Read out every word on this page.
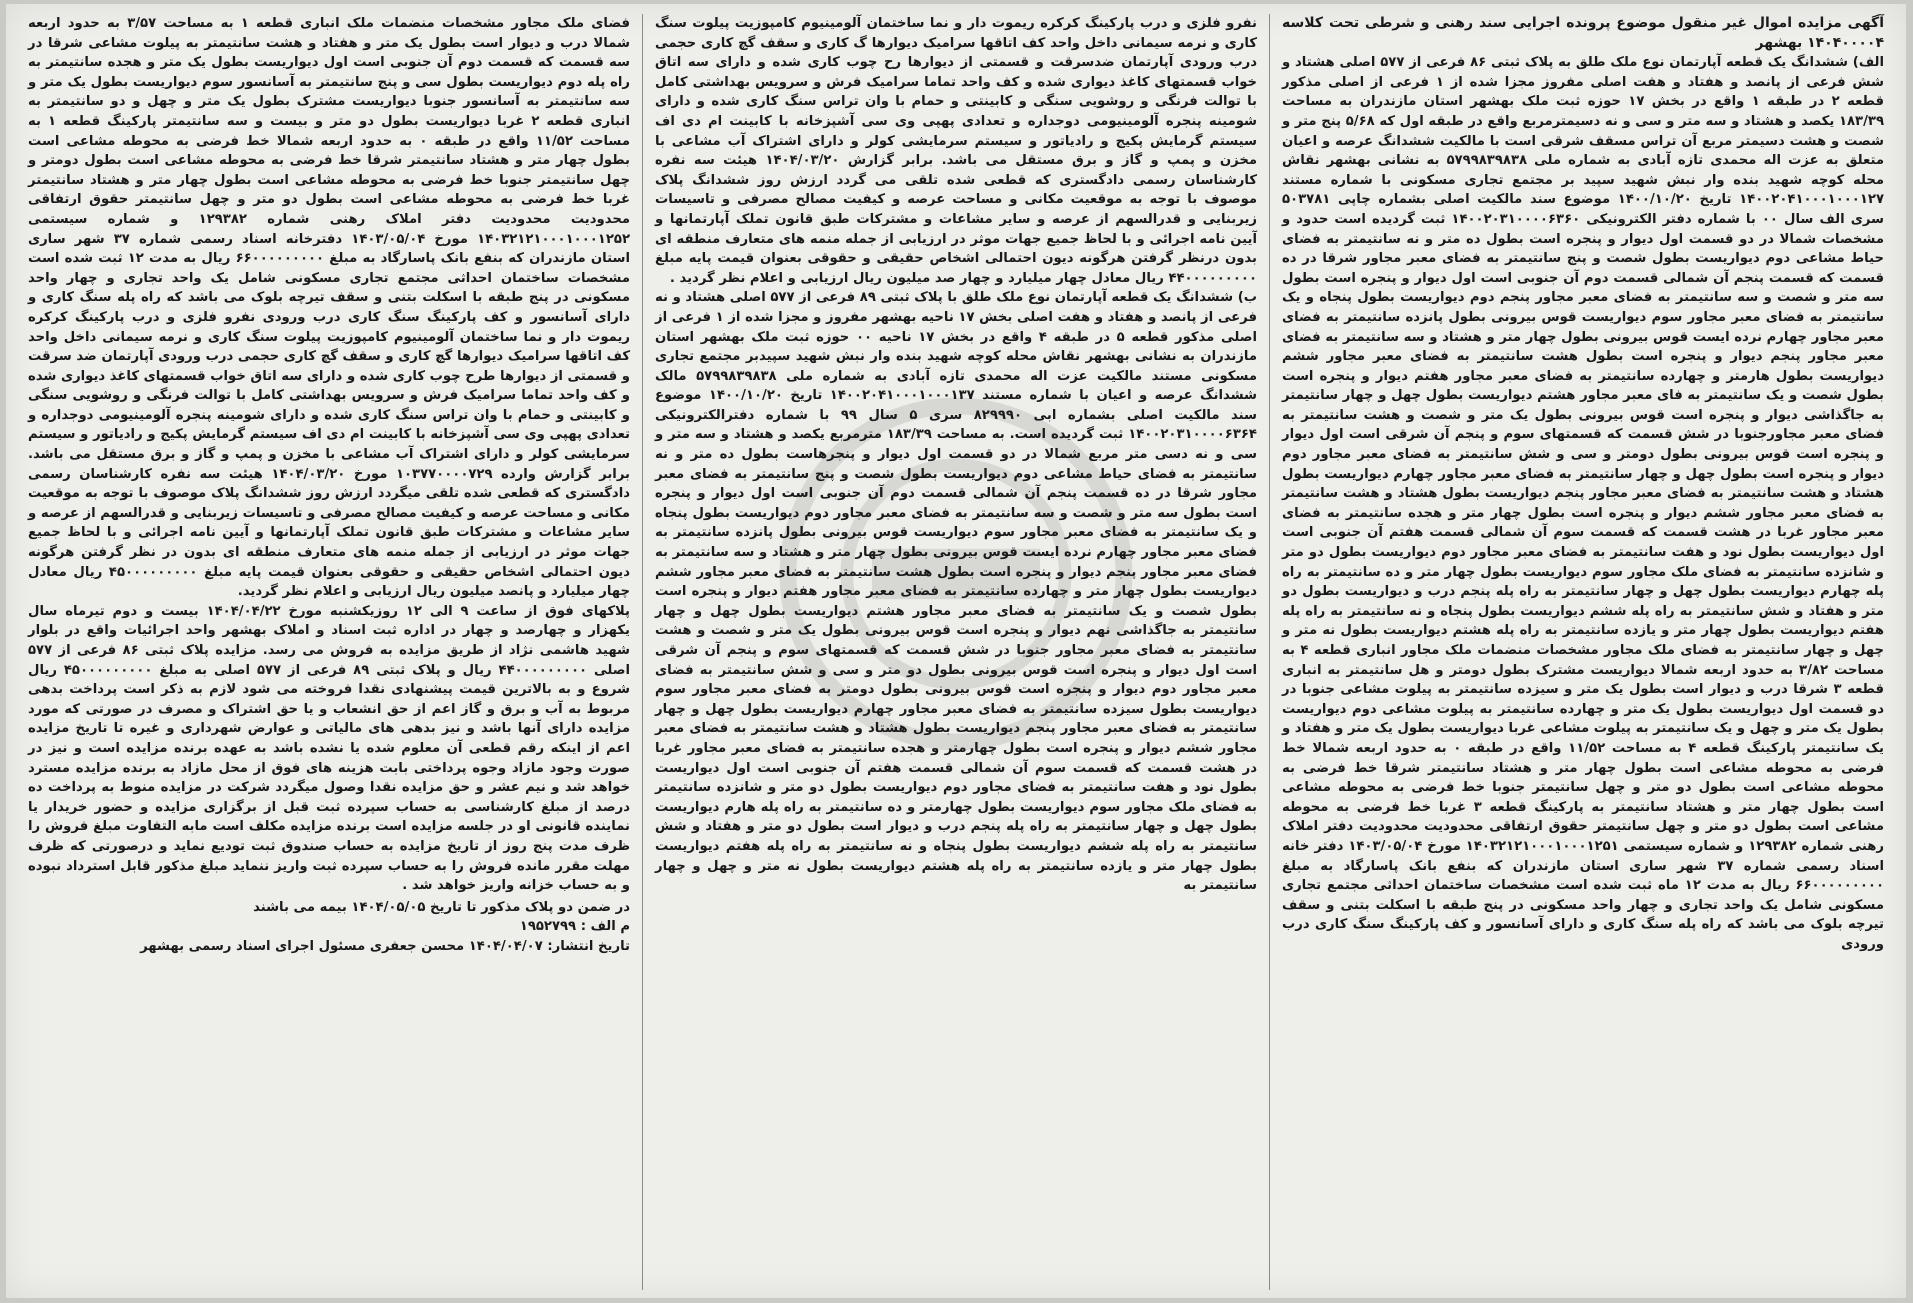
آگهی مزایده اموال غیر منقول موضوع پرونده اجرایی سند رهنی و شرطی تحت کلاسه ۱۴۰۴۰۰۰۰۴ بهشهر

الف) ششدانگ یک قطعه آپارتمان نوع ملک طلق به پلاک ثبتی ۸۶ فرعی از ۵۷۷ اصلی هشتاد و شش فرعی از پانصد و هفتاد و هفت اصلی مفروز مجزا شده از ۱ فرعی از اصلی مذکور قطعه ۲ در طبقه ۱ واقع در بخش ۱۷ حوزه ثبت ملک بهشهر استان مازندران به مساحت ۱۸۳/۳۹ یکصد و هشتاد و سه متر و سی و نه دسیمترمربع واقع در طبقه اول که ۵/۶۸ پنج متر و شصت و هشت دسیمتر مربع آن تراس مسقف شرقی است با مالکیت ششدانگ عرصه و اعیان متعلق به عزت اله محمدی تازه آبادی به شماره ملی ۵۷۹۹۸۳۹۸۳۸ به نشانی بهشهر نقاش محله کوچه شهید بنده وار نبش شهید سپید بر مجتمع تجاری مسکونی با شماره مستند ۱۴۰۰۲۰۴۱۰۰۰۱۰۰۰۱۲۷ تاریخ ۱۴۰۰/۱۰/۲۰ موضوع سند مالکیت اصلی بشماره چاپی ۵۰۳۷۸۱ سری الف سال ۰۰ با شماره دفتر الکترونیکی ۱۴۰۰۲۰۳۱۰۰۰۰۶۳۶۰ ثبت گردیده است حدود و مشخصات شمالا در دو قسمت اول دیوار و پنجره است بطول ده متر و نه سانتیمتر به فضای حیاط مشاعی دوم دیواریست بطول شصت و پنج سانتیمتر به فضای معبر مجاور شرقا در ده قسمت که قسمت پنجم آن شمالی قسمت دوم آن جنوبی است اول دیوار و پنجره است بطول سه متر و شصت و سه سانتیمتر به فضای معبر مجاور پنجم دوم دیواریست بطول پنجاه و یک سانتیمتر به فضای معبر مجاور سوم دیواریست قوس بیرونی بطول پانزده سانتیمتر به فضای معبر مجاور چهارم نرده ایست قوس بیرونی بطول چهار متر و هشتاد و سه سانتیمتر به فضای معبر مجاور پنجم دیوار و پنجره است بطول هشت سانتیمتر به فضای معبر مجاور ششم دیواریست بطول هارمتر و چهارده سانتیمتر به فضای معبر مجاور هفتم دیوار و پنجره است بطول شصت و یک سانتیمتر به فای معبر مجاور هشتم دیواریست بطول چهل و چهار سانتیمتر به جاگذاشی دیوار و پنجره است قوس بیرونی بطول یک متر و شصت و هشت سانتیمتر به فضای معبر مجاورجنوبا در شش قسمت که قسمتهای سوم و پنجم آن شرقی است اول دیوار و پنجره است قوس بیرونی بطول دومتر و سی و شش سانتیمتر به فضای معبر مجاور دوم دیوار و پنجره است بطول چهل و چهار سانتیمتر به فضای معبر مجاور چهارم دیواریست بطول هشتاد و هشت سانتیمتر به فضای معبر مجاور پنجم دیواریست بطول هشتاد و هشت سانتیمتر به فضای معبر مجاور ششم دیوار و پنجره است بطول چهار متر و هجده سانتیمتر به فضای معبر مجاور غربا در هشت قسمت که قسمت سوم آن شمالی قسمت هفتم آن جنوبی است اول دیواریست بطول نود و هفت سانتیمتر به فضای معبر مجاور دوم دیواریست بطول دو متر و شانزده سانتیمتر به فضای ملک مجاور سوم دیواریست بطول چهار متر و ده سانتیمتر به راه پله چهارم دیواریست بطول چهل و چهار سانتیمتر به راه پله پنجم درب و دیواریست بطول دو متر و هفتاد و شش سانتیمتر به راه پله ششم دیواریست بطول پنجاه و نه سانتیمتر به راه پله هفتم دیواریست بطول چهار متر و یازده سانتیمتر به راه پله هشتم دیواریست بطول نه متر و چهل و چهار سانتیمتر به فضای ملک مجاور مشخصات منضمات ملک مجاور انباری قطعه ۴ به مساحت ۳/۸۲ به حدود اربعه شمالا دیواریست مشترک بطول دومتر و هل سانتیمتر به انباری قطعه ۳ شرقا درب و دیوار است بطول یک متر و سیزده سانتیمتر به پیلوت مشاعی جنوبا در دو قسمت اول دیواریست بطول یک متر و چهارده سانتیمتر به پیلوت مشاعی دوم دیواریست بطول یک متر و چهل و یک سانتیمتر به پیلوت مشاعی غربا دیواریست بطول یک متر و هفتاد و یک سانتیمتر پارکینگ قطعه ۴ به مساحت ۱۱/۵۲ واقع در طبقه ۰ به حدود اربعه شمالا خط فرضی به محوطه مشاعی است بطول چهار متر و هشتاد سانتیمتر شرقا خط فرضی به محوطه مشاعی است بطول دو متر و چهل سانتیمتر جنوبا خط فرضی به محوطه مشاعی است بطول چهار متر و هشتاد سانتیمتر به پارکینگ قطعه ۳ غربا خط فرضی به محوطه مشاعی است بطول دو متر و چهل سانتیمتر حقوق ارتفاقی محدودیت محدودیت دفتر املاک رهنی شماره ۱۲۹۳۸۲ و شماره سیستمی ۱۴۰۳۲۱۲۱۰۰۰۱۰۰۰۱۲۵۱ مورخ ۱۴۰۳/۰۵/۰۴ دفتر خانه اسناد رسمی شماره ۳۷ شهر ساری استان مازندران که بنفع بانک پاسارگاد به مبلغ ۶۶۰۰۰۰۰۰۰۰۰ ریال به مدت ۱۲ ماه ثبت شده است مشخصات ساختمان احداثی مجتمع تجاری مسکونی شامل یک واحد تجاری و چهار واحد مسکونی در پنج طبقه با اسکلت بتنی و سقف تیرچه بلوک می باشد که راه پله سنگ کاری و دارای آسانسور و کف پارکینگ سنگ کاری درب ورودی

نفرو فلزی و درب پارکینگ کرکره ریموت دار و نما ساختمان آلومینیوم کامپوزیت پیلوت سنگ کاری و نرمه سیمانی داخل واحد کف اتاقها سرامیک دیوارها گ کاری و سقف گچ کاری حجمی درب ورودی آپارتمان ضدسرقت و قسمتی از دیوارها رح چوب کاری شده و دارای سه اتاق خواب قسمتهای کاغذ دیواری شده و کف واحد تماما سرامیک فرش و سرویس بهداشتی کامل با توالت فرنگی و روشویی سنگی و کابینتی و حمام با وان تراس سنگ کاری شده و دارای شومینه پنجره آلومینیومی دوجداره و تعدادی پهپی وی سی آشپزخانه با کابینت ام دی اف سیستم گرمایش پکیج و رادیاتور و سیستم سرمایشی کولر و دارای اشتراک آب مشاعی با مخزن و پمپ و گاز و برق مستقل می باشد. برابر گزارش ۱۴۰۴/۰۳/۲۰ هیئت سه نفره کارشناسان رسمی دادگستری که قطعی شده تلقی می گردد ارزش روز ششدانگ پلاک موصوف با توجه به موقعیت مکانی و مساحت عرصه و کیفیت مصالح مصرفی و تاسیسات زیربنایی و قدرالسهم از عرصه و سایر مشاعات و مشترکات طبق قانون تملک آپارتمانها و آیین نامه اجرائی و با لحاظ جمیع جهات موثر در ارزیابی از جمله منمه های متعارف منطقه ای بدون درنظر گرفتن هرگونه دیون احتمالی اشخاص حقیقی و حقوقی بعنوان قیمت پایه مبلغ ۴۴۰۰۰۰۰۰۰۰۰ ریال معادل چهار میلیارد و چهار صد میلیون ریال ارزیابی و اعلام نظر گردید .
ب) ششدانگ یک قطعه آپارتمان نوع ملک طلق با پلاک ثبتی ۸۹ فرعی از ۵۷۷ اصلی هشتاد و نه فرعی از پانصد و هفتاد و هفت اصلی بخش ۱۷ ناحیه بهشهر مفروز و مجزا شده از ۱ فرعی از اصلی مذکور قطعه ۵ در طبقه ۴ واقع در بخش ۱۷ ناحیه ۰۰ حوزه ثبت ملک بهشهر استان مازندران به نشانی بهشهر نقاش محله کوچه شهید بنده وار نبش شهید سپیدبر مجتمع تجاری مسکونی مستند مالکیت عزت اله محمدی تازه آبادی به شماره ملی ۵۷۹۹۸۳۹۸۳۸ مالک ششدانگ عرصه و اعیان با شماره مستند ۱۴۰۰۲۰۴۱۰۰۰۱۰۰۰۱۳۷ تاریخ ۱۴۰۰/۱۰/۲۰ موضوع سند مالکیت اصلی بشماره ابی ۸۲۹۹۹۰ سری ۵ سال ۹۹ با شماره دفترالکترونیکی ۱۴۰۰۲۰۳۱۰۰۰۰۶۳۶۴ ثبت گردیده است. به مساحت ۱۸۳/۳۹ مترمربع یکصد و هشتاد و سه متر و سی و نه دسی متر مربع شمالا در دو قسمت اول دیوار و پنجرهاست بطول ده متر و نه سانتیمتر به فضای حیاط مشاعی دوم دیواریست بطول شصت و پنج سانتیمتر به فضای معبر مجاور شرقا در ده قسمت پنجم آن شمالی قسمت دوم آن جنوبی است اول دیوار و پنجره است بطول سه متر و شصت و سه سانتیمتر به فضای معبر مجاور دوم دیواریست بطول پنجاه و یک سانتیمتر به فضای معبر مجاور سوم دیواریست قوس بیرونی بطول پانزده سانتیمتر به فضای معبر مجاور چهارم نرده ایست قوس بیرونی بطول چهار متر و هشتاد و سه سانتیمتر به فضای معبر مجاور پنجم دیوار و پنجره است بطول هشت سانتیمتر به فضای معبر مجاور ششم دیواریست بطول چهار متر و چهارده سانتیمتر به فضای معبر مجاور هفتم دیوار و پنجره است بطول شصت و یک سانتیمتر به فضای معبر مجاور هشتم دیواریست بطول چهل و چهار سانتیمتر به جاگذاشی نهم دیوار و پنجره است قوس بیرونی بطول یک متر و شصت و هشت سانتیمتر به فضای معبر مجاور جنوبا در شش قسمت که قسمتهای سوم و پنجم آن شرقی است اول دیوار و پنجره است قوس بیرونی بطول دو متر و سی و شش سانتیمتر به فضای معبر مجاور دوم دیوار و پنجره است قوس بیرونی بطول دومتر به فضای معبر مجاور سوم دیواریست بطول سیزده سانتیمتر به فضای معبر مجاور چهارم دیواریست بطول چهل و چهار سانتیمتر به فضای معبر مجاور پنجم دیواریست بطول هشتاد و هشت سانتیمتر به فضای معبر مجاور ششم دیوار و پنجره است بطول چهارمتر و هجده سانتیمتر به فضای معبر مجاور غربا در هشت قسمت که قسمت سوم آن شمالی قسمت هفتم آن جنوبی است اول دیواریست بطول نود و هفت سانتیمتر به فضای مجاور دوم دیواریست بطول دو متر و شانزده سانتیمتر به فضای ملک مجاور سوم دیواریست بطول چهارمتر و ده سانتیمتر به راه پله هارم دیواریست بطول چهل و چهار سانتیمتر به راه پله پنجم درب و دیوار است بطول دو متر و هفتاد و شش سانتیمتر به راه پله ششم دیواریست بطول پنجاه و نه سانتیمتر به راه پله هفتم دیواریست بطول چهار متر و یازده سانتیمتر به راه پله هشتم دیواریست بطول نه متر و چهل و چهار سانتیمتر به

فضای ملک مجاور مشخصات منضمات ملک انباری قطعه ۱ به مساحت ۳/۵۷ به حدود اربعه شمالا درب و دیوار است بطول یک متر و هفتاد و هشت سانتیمتر به پیلوت مشاعی شرقا در سه قسمت که قسمت دوم آن جنوبی است اول دیواریست بطول یک متر و هجده سانتیمتر به راه پله دوم دیواریست بطول سی و پنج سانتیمتر به آسانسور سوم دیواریست بطول یک متر و سه سانتیمتر به آسانسور جنوبا دیواریست مشترک بطول یک متر و چهل و دو سانتیمتر به انباری قطعه ۲ غربا دیواریست بطول دو متر و بیست و سه سانتیمتر پارکینگ قطعه ۱ به مساحت ۱۱/۵۲ واقع در طبقه ۰ به حدود اربعه شمالا خط فرضی به محوطه مشاعی است بطول چهار متر و هشتاد سانتیمتر شرقا خط فرضی به محوطه مشاعی است بطول دومتر و چهل سانتیمتر جنوبا خط فرضی به محوطه مشاعی است بطول چهار متر و هشتاد سانتیمتر غربا خط فرضی به محوطه مشاعی است بطول دو متر و چهل سانتیمتر حقوق ارتفاقی محدودیت محدودیت دفتر املاک رهنی شماره ۱۲۹۳۸۲ و شماره سیستمی ۱۴۰۳۲۱۲۱۰۰۰۱۰۰۰۱۲۵۲ مورخ ۱۴۰۳/۰۵/۰۴ دفترخانه اسناد رسمی شماره ۳۷ شهر ساری استان مازندران که بنفع بانک پاسارگاد به مبلغ ۶۶۰۰۰۰۰۰۰۰۰ ریال به مدت ۱۲ ثبت شده است مشخصات ساختمان احداثی مجتمع تجاری مسکونی شامل یک واحد تجاری و چهار واحد مسکونی در پنج طبقه با اسکلت بتنی و سقف تیرچه بلوک می باشد که راه پله سنگ کاری و دارای آسانسور و کف پارکینگ سنگ کاری درب ورودی نفرو فلزی و درب پارکینگ کرکره ریموت دار و نما ساختمان آلومینیوم کامپوزیت پیلوت سنگ کاری و نرمه سیمانی داخل واحد کف اتاقها سرامیک دیوارها گچ کاری و سقف گچ کاری حجمی درب ورودی آپارتمان ضد سرقت و قسمتی از دیوارها طرح چوب کاری شده و دارای سه اتاق خواب قسمتهای کاغذ دیواری شده و کف واحد تماما سرامیک فرش و سرویس بهداشتی کامل با توالت فرنگی و روشویی سنگی و کابینتی و حمام با وان تراس سنگ کاری شده و دارای شومینه پنجره آلومینیومی دوجداره و تعدادی پهپی وی سی آشپزخانه با کابینت ام دی اف سیستم گرمایش پکیج و رادیاتور و سیستم سرمایشی کولر و دارای اشتراک آب مشاعی با مخزن و پمپ و گاز و برق مستقل می باشد. برابر گزارش وارده ۱۰۳۷۷۰۰۰۰۷۲۹ مورخ ۱۴۰۴/۰۳/۲۰ هیئت سه نفره کارشناسان رسمی دادگستری که قطعی شده تلقی میگردد ارزش روز ششدانگ پلاک موصوف با توجه به موقعیت مکانی و مساحت عرصه و کیفیت مصالح مصرفی و تاسیسات زیربنایی و قدرالسهم از عرصه و سایر مشاعات و مشترکات طبق قانون تملک آپارتمانها و آیین نامه اجرائی و با لحاظ جمیع جهات موثر در ارزیابی از جمله منمه های متعارف منطقه ای بدون در نظر گرفتن هرگونه دیون احتمالی اشخاص حقیقی و حقوقی بعنوان قیمت پایه مبلغ ۴۵۰۰۰۰۰۰۰۰۰ ریال معادل چهار میلیارد و پانصد میلیون ریال ارزیابی و اعلام نظر گردید.
پلاکهای فوق از ساعت ۹ الی ۱۲ روزیکشنبه مورخ ۱۴۰۴/۰۴/۲۲ بیست و دوم تیرماه سال یکهزار و چهارصد و چهار در اداره ثبت اسناد و املاک بهشهر واحد اجرائیات واقع در بلوار شهید هاشمی نژاد از طریق مزایده به فروش می رسد. مزایده پلاک ثبتی ۸۶ فرعی از ۵۷۷ اصلی ۴۴۰۰۰۰۰۰۰۰۰ ریال و پلاک ثبتی ۸۹ فرعی از ۵۷۷ اصلی به مبلغ ۴۵۰۰۰۰۰۰۰۰۰ ریال شروع و به بالاترین قیمت پیشنهادی نقدا فروخته می شود لازم به ذکر است پرداخت بدهی مربوط به آب و برق و گاز اعم از حق انشعاب و یا حق اشتراک و مصرف در صورتی که مورد مزایده دارای آنها باشد و نیز بدهی های مالیاتی و عوارض شهرداری و غیره تا تاریخ مزایده اعم از اینکه رقم قطعی آن معلوم شده یا نشده باشد به عهده برنده مزایده است و نیز در صورت وجود مازاد وجوه پرداختی بابت هزینه های فوق از محل مازاد به برنده مزایده مسترد خواهد شد و نیم عشر و حق مزایده نقدا وصول میگردد شرکت در مزایده منوط به پرداخت ده درصد از مبلغ کارشناسی به حساب سپرده ثبت قبل از برگزاری مزایده و حضور خریدار یا نماینده قانونی او در جلسه مزایده است برنده مزایده مکلف است مابه التفاوت مبلغ فروش را ظرف مدت پنج روز از تاریخ مزایده به حساب صندوق ثبت تودیع نماید و درصورتی که ظرف مهلت مقرر مانده فروش را به حساب سپرده ثبت واریز ننماید مبلغ مذکور قابل استرداد نبوده و به حساب خزانه واریز خواهد شد .

در ضمن دو پلاک مذکور تا تاریخ ۱۴۰۴/۰۵/۰۵ بیمه می باشند
م الف : ۱۹۵۲۷۹۹
تاریخ انتشار: ۱۴۰۴/۰۴/۰۷ محسن جعفری مسئول اجرای اسناد رسمی بهشهر
